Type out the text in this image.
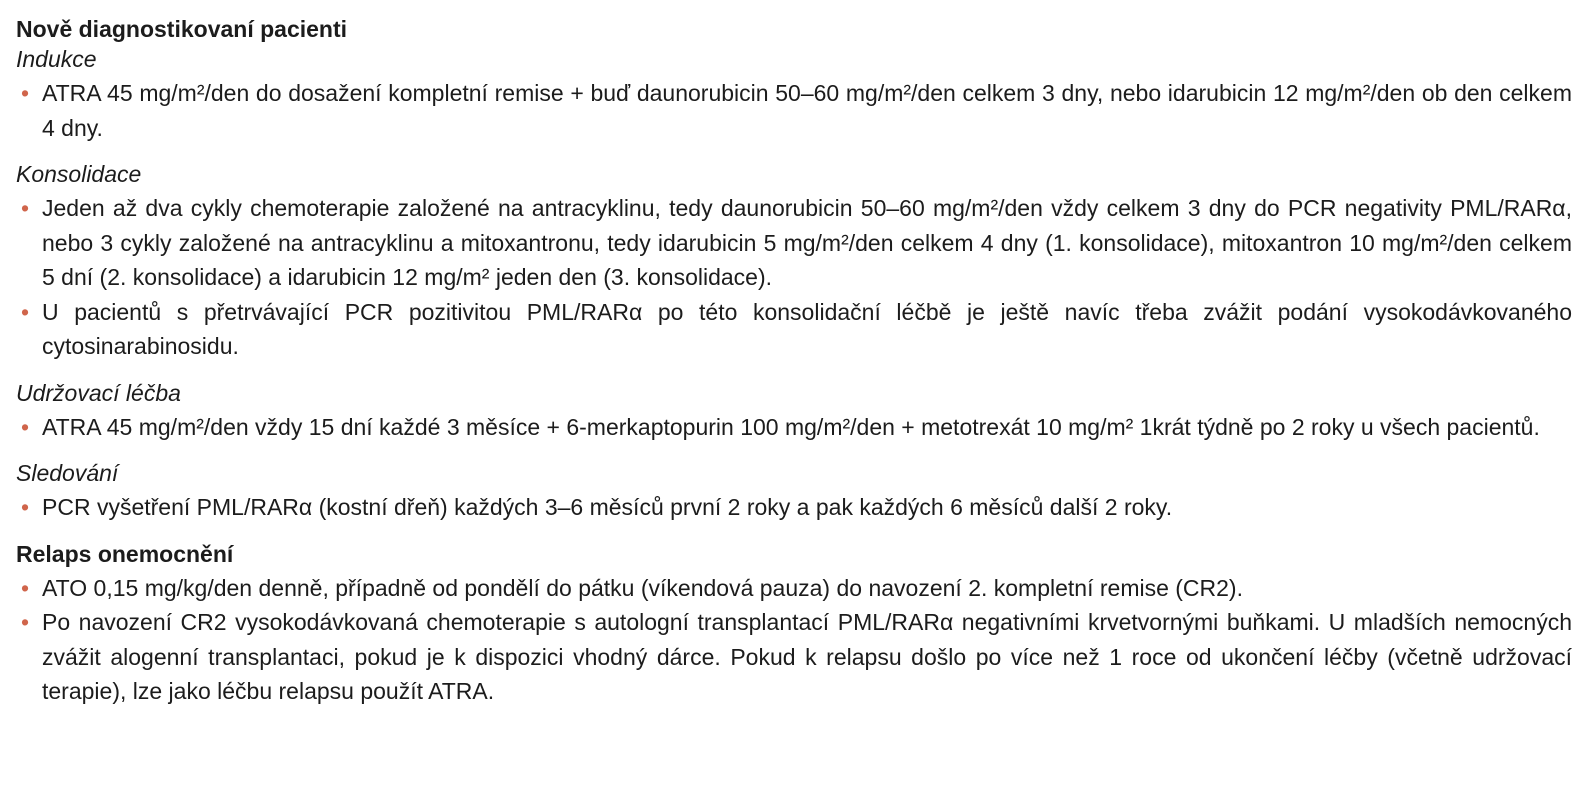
Nově diagnostikovaní pacienti
Indukce
• ATRA 45 mg/m²/den do dosažení kompletní remise + buď daunorubicin 50–60 mg/m²/den celkem 3 dny, nebo idarubicin 12 mg/m²/den ob den celkem 4 dny.
Konsolidace
• Jeden až dva cykly chemoterapie založené na antracyklinu, tedy daunorubicin 50–60 mg/m²/den vždy celkem 3 dny do PCR negativity PML/RARα, nebo 3 cykly založené na antracyklinu a mitoxantronu, tedy idarubicin 5 mg/m²/den celkem 4 dny (1. konsolidace), mitoxantron 10 mg/m²/den celkem 5 dní (2. konsolidace) a idarubicin 12 mg/m² jeden den (3. konsolidace).
• U pacientů s přetrvávající PCR pozitivitou PML/RARα po této konsolidační léčbě je ještě navíc třeba zvážit podání vysokodávkovaného cytosinarabinosidu.
Udržovací léčba
• ATRA 45 mg/m²/den vždy 15 dní každé 3 měsíce + 6-merkaptopurin 100 mg/m²/den + metotrexát 10 mg/m² 1krát týdně po 2 roky u všech pacientů.
Sledování
• PCR vyšetření PML/RARα (kostní dřeň) každých 3–6 měsíců první 2 roky a pak každých 6 měsíců další 2 roky.
Relaps onemocnění
• ATO 0,15 mg/kg/den denně, případně od pondělí do pátku (víkendová pauza) do navození 2. kompletní remise (CR2).
• Po navození CR2 vysokodávkovaná chemoterapie s autologní transplantací PML/RARα negativními krvetvornými buňkami. U mladších nemocných zvážit alogenní transplantaci, pokud je k dispozici vhodný dárce. Pokud k relapsu došlo po více než 1 roce od ukončení léčby (včetně udržovací terapie), lze jako léčbu relapsu použít ATRA.
